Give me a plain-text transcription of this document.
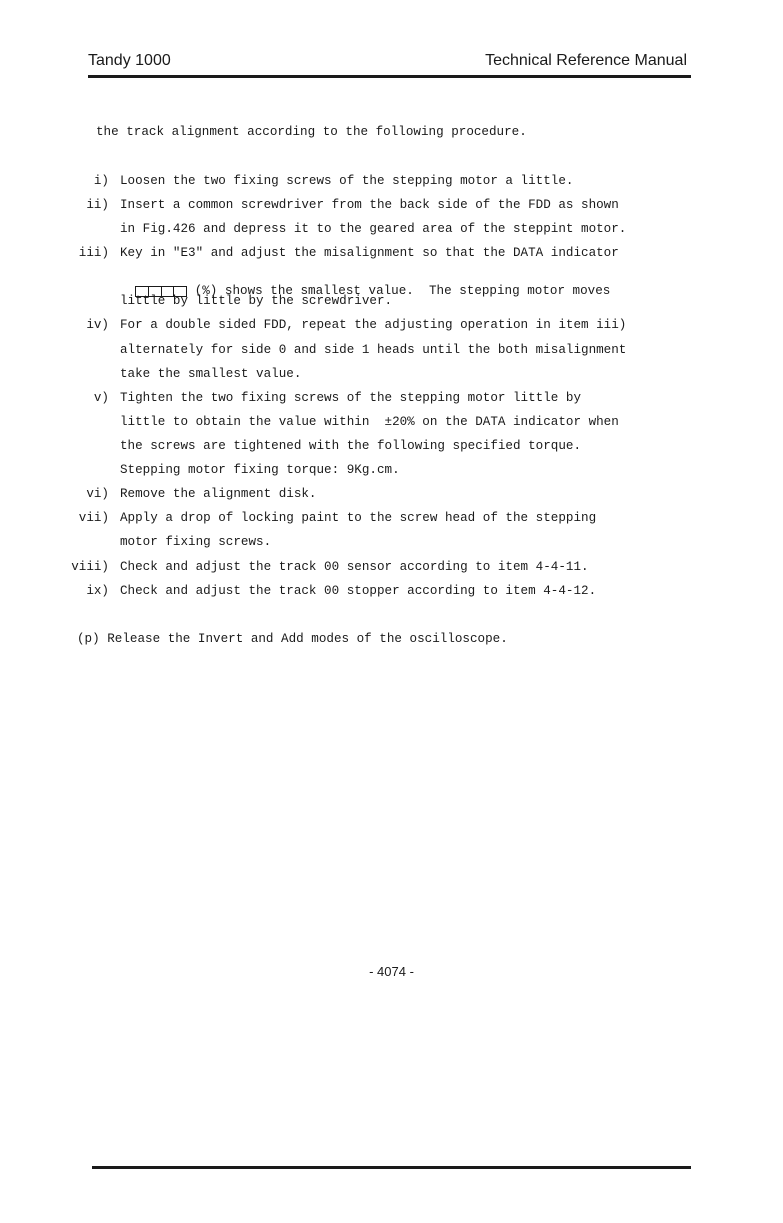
Tandy 1000	Technical Reference Manual
the track alignment according to the following procedure.
i) Loosen the two fixing screws of the stepping motor a little.
ii) Insert a common screwdriver from the back side of the FDD as shown
in Fig.426 and depress it to the geared area of the steppint motor.
iii) Key in "E3" and adjust the misalignment so that the DATA indicator

(%) shows the smallest value.  The stepping motor moves

little by little by the screwdriver.
iv) For a double sided FDD, repeat the adjusting operation in item iii)
alternately for side 0 and side 1 heads until the both misalignment
take the smallest value.
v) Tighten the two fixing screws of the stepping motor little by
little to obtain the value within  ±20% on the DATA indicator when
the screws are tightened with the following specified torque.
Stepping motor fixing torque: 9Kg.cm.
vi) Remove the alignment disk.
vii) Apply a drop of locking paint to the screw head of the stepping
motor fixing screws.
viii) Check and adjust the track 00 sensor according to item 4-4-11.
ix) Check and adjust the track 00 stopper according to item 4-4-12.
(p) Release the Invert and Add modes of the oscilloscope.
- 4074 -
